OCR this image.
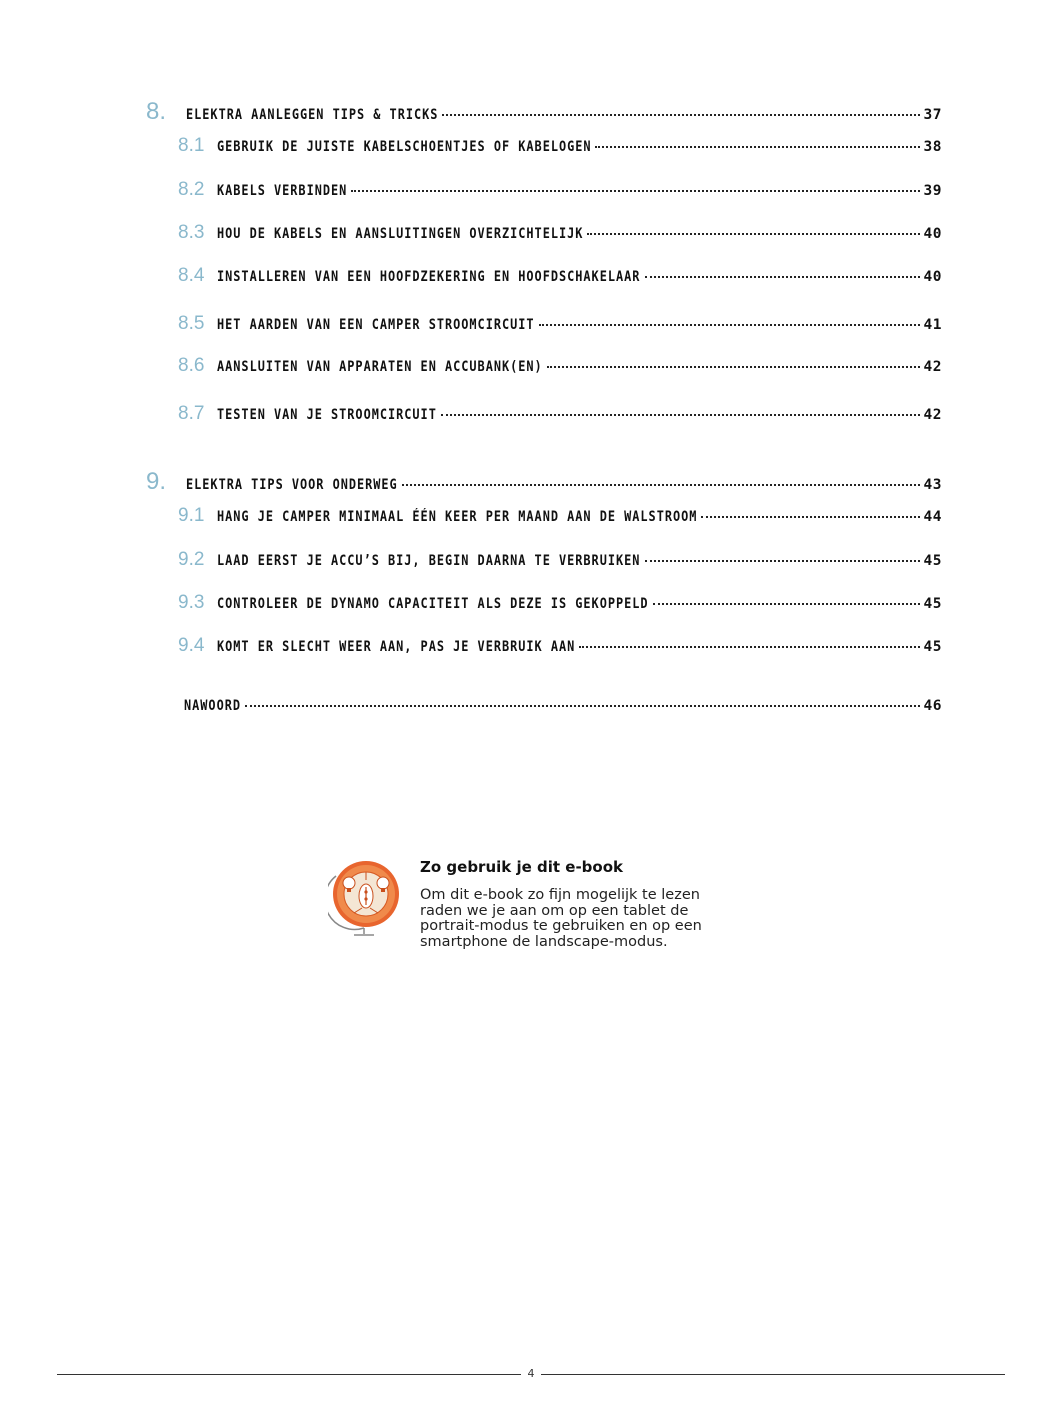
8.	ELEKTRA AANLEGGEN TIPS & TRICKS	37
8.1 GEBRUIK DE JUISTE KABELSCHOENTJES OF KABELOGEN	38
8.2 KABELS VERBINDEN	39
8.3 HOU DE KABELS EN AANSLUITINGEN OVERZICHTELIJK	40
8.4 INSTALLEREN VAN EEN HOOFDZEKERING EN HOOFDSCHAKELAAR	40
8.5 HET AARDEN VAN EEN CAMPER STROOMCIRCUIT	41
8.6 AANSLUITEN VAN APPARATEN EN ACCUBANK(EN)	42
8.7 TESTEN VAN JE STROOMCIRCUIT	42
9.	ELEKTRA TIPS VOOR ONDERWEG	43
9.1 HANG JE CAMPER MINIMAAL ÉÉN KEER PER MAAND AAN DE WALSTROOM	44
9.2 LAAD EERST JE ACCU’S BIJ, BEGIN DAARNA TE VERBRUIKEN	45
9.3 CONTROLEER DE DYNAMO CAPACITEIT ALS DEZE IS GEKOPPELD	45
9.4 KOMT ER SLECHT WEER AAN, PAS JE VERBRUIK AAN	45
NAWOORD	46
Zo gebruik je dit e-book
Om dit e-book zo fijn mogelijk te lezen raden we je aan om op een tablet de portrait-modus te gebruiken en op een smartphone de landscape-modus.
4
